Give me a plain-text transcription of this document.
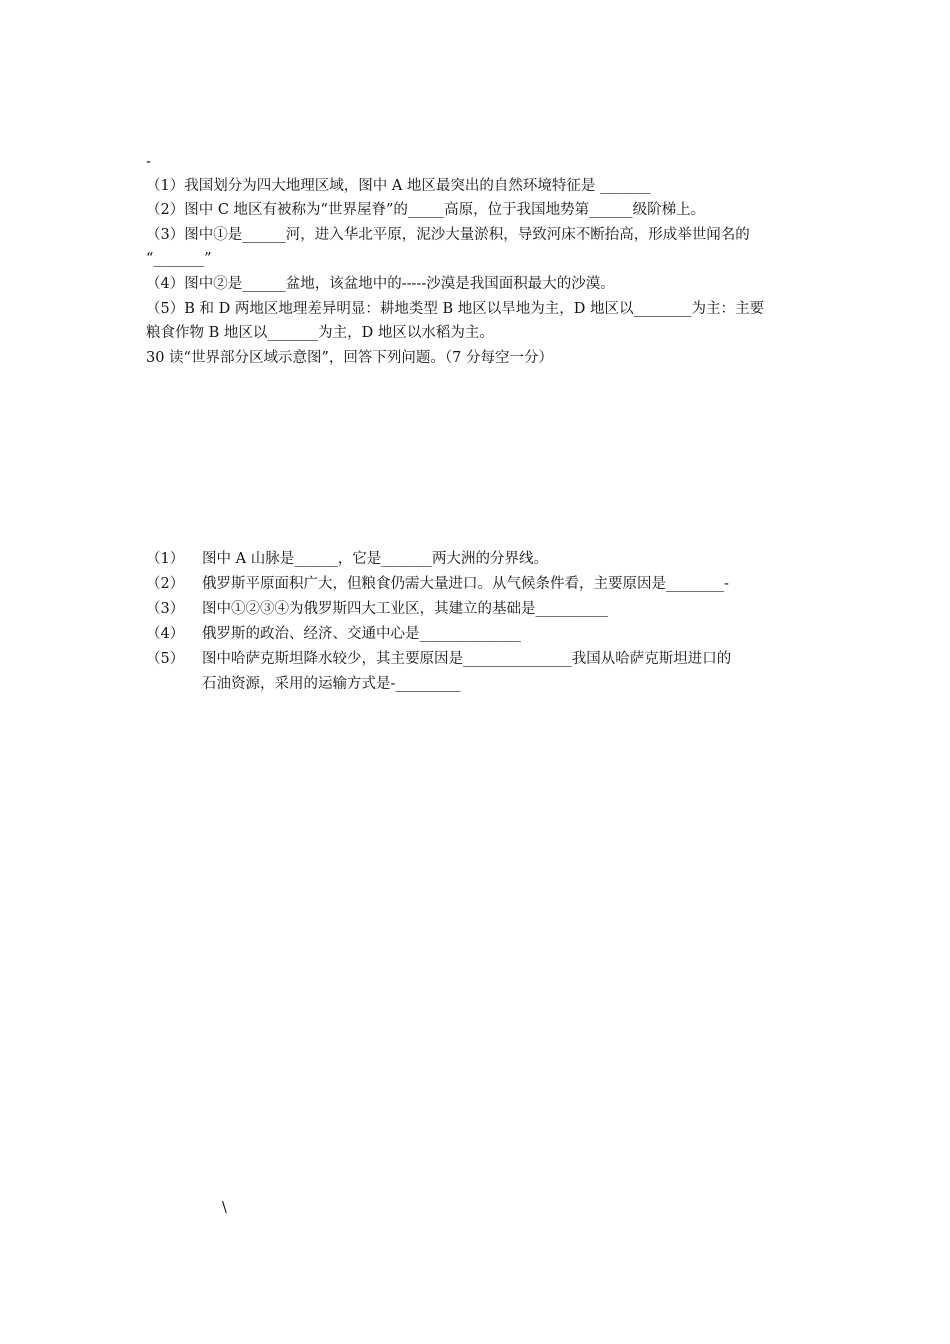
-
（1）我国划分为四大地理区域，图中 A 地区最突出的自然环境特征是 _______
（2）图中 C 地区有被称为“世界屋脊”的_____高原，位于我国地势第______级阶梯上。
（3）图中①是______河，进入华北平原，泥沙大量淤积，导致河床不断抬高，形成举世闻名的
“_______”
（4）图中②是______盆地，该盆地中的-----沙漠是我国面积最大的沙漠。
（5）B 和 D 两地区地理差异明显：耕地类型 B 地区以旱地为主，D 地区以________为主：主要
粮食作物 B 地区以_______为主，D 地区以水稻为主。
30 读“世界部分区域示意图”，回答下列问题。（7 分每空一分）
（1） 图中 A 山脉是______，它是_______两大洲的分界线。
（2） 俄罗斯平原面积广大，但粮食仍需大量进口。从气候条件看，主要原因是________-
（3） 图中①②③④为俄罗斯四大工业区，其建立的基础是__________
（4） 俄罗斯的政治、经济、交通中心是______________
（5） 图中哈萨克斯坦降水较少，其主要原因是_______________我国从哈萨克斯坦进口的
石油资源，采用的运输方式是-_________
\
